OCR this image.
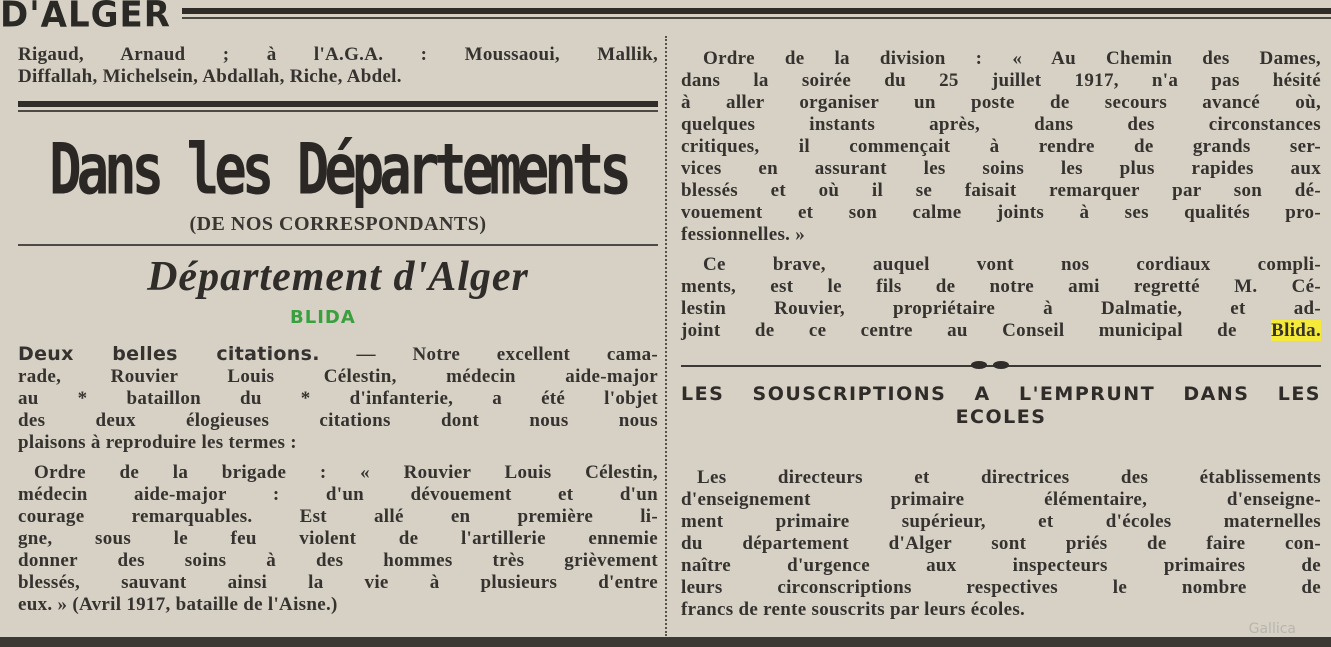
D'ALGER
Rigaud, Arnaud ; à l'A.G.A. : Moussaoui, Mallik,
Diffallah, Michelsein, Abdallah, Riche, Abdel.
Dans les Départements
(DE NOS CORRESPONDANTS)
Département d'Alger
BLIDA
Deux belles citations. — Notre excellent cama-
rade, Rouvier Louis Célestin, médecin aide-major
au * bataillon du * d'infanterie, a été l'objet
des deux élogieuses citations dont nous nous
plaisons à reproduire les termes :
Ordre de la brigade : « Rouvier Louis Célestin,
médecin aide-major : d'un dévouement et d'un
courage remarquables. Est allé en première li-
gne, sous le feu violent de l'artillerie ennemie
donner des soins à des hommes très grièvement
blessés, sauvant ainsi la vie à plusieurs d'entre
eux. » (Avril 1917, bataille de l'Aisne.)
Ordre de la division : « Au Chemin des Dames,
dans la soirée du 25 juillet 1917, n'a pas hésité
à aller organiser un poste de secours avancé où,
quelques instants après, dans des circonstances
critiques, il commençait à rendre de grands ser-
vices en assurant les soins les plus rapides aux
blessés et où il se faisait remarquer par son dé-
vouement et son calme joints à ses qualités pro-
fessionnelles. »
Ce brave, auquel vont nos cordiaux compli-
ments, est le fils de notre ami regretté M. Cé-
lestin Rouvier, propriétaire à Dalmatie, et ad-
joint de ce centre au Conseil municipal de Blida.
LES SOUSCRIPTIONS A L'EMPRUNT DANS LES
ECOLES
Les directeurs et directrices des établissements
d'enseignement primaire élémentaire, d'enseigne-
ment primaire supérieur, et d'écoles maternelles
du département d'Alger sont priés de faire con-
naître d'urgence aux inspecteurs primaires de
leurs circonscriptions respectives le nombre de
francs de rente souscrits par leurs écoles.
Gallica
